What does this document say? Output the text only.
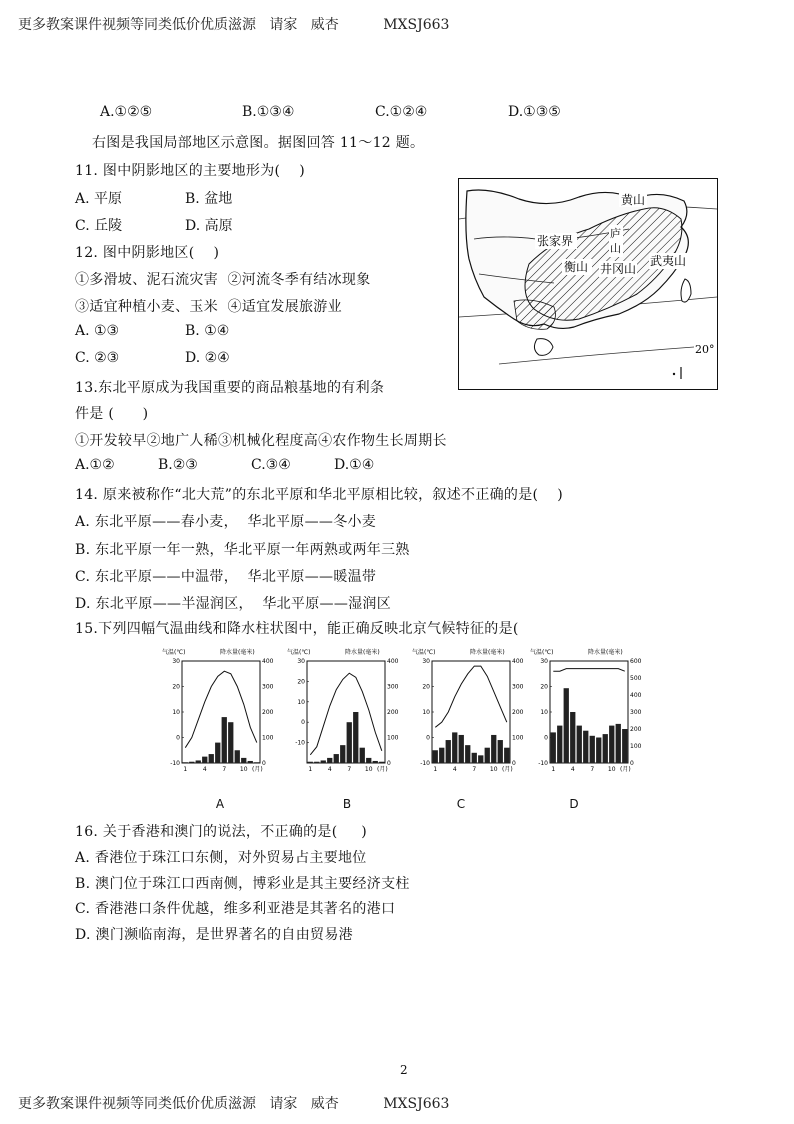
更多教案课件视频等同类低价优质滋源   请家   威杏          MXSJ663
A.①②⑤	B.①③④	C.①②④	D.①③⑤
右图是我国局部地区示意图。据图回答 11～12 题。
11. 图中阴影地区的主要地形为(    )
A. 平原	B. 盆地
C. 丘陵	D. 高原
12. 图中阴影地区(    )
①多滑坡、泥石流灾害  ②河流冬季有结冰现象
③适宜种植小麦、玉米  ④适宜发展旅游业
A. ①③	B. ①④
C. ②③	D. ②④
13.东北平原成为我国重要的商品粮基地的有利条
件是 (      )
①开发较早②地广人稀③机械化程度高④农作物生长周期长
A.①②	B.②③	C.③④	D.①④
14. 原来被称作“北大荒”的东北平原和华北平原相比较，叙述不正确的是(    )
A. 东北平原——春小麦，  华北平原——冬小麦
B. 东北平原一年一熟，华北平原一年两熟或两年三熟
C. 东北平原——中温带，  华北平原——暖温带
D. 东北平原——半湿润区，  华北平原——湿润区
15.下列四幅气温曲线和降水柱状图中，能正确反映北京气候特征的是(
黄山
张家界
庐
山
衡山 井冈山
武夷山
20°
气温(℃)	降水量(毫米)
30
20
10
0
-10
400
300
200
100
0
1	4	7 10 (月)
气温(℃)	降水量(毫米)
30
20
10
0
-10
400
300
200
100
0
1	4	7 10 (月)
气温(℃)	降水量(毫米)
30
20
10
0
-10
400
300
200
100
0
1	4	7 10 (月)
气温(℃)	降水量(毫米)
30
20
10
0
-10
600
500
400
300
200
100
0
1	4	7 10 (月)
A	B	C	D
16. 关于香港和澳门的说法，不正确的是(     )
A. 香港位于珠江口东侧，对外贸易占主要地位
B. 澳门位于珠江口西南侧，博彩业是其主要经济支柱
C. 香港港口条件优越，维多利亚港是其著名的港口
D. 澳门濒临南海，是世界著名的自由贸易港
2
更多教案课件视频等同类低价优质滋源   请家   威杏          MXSJ663
